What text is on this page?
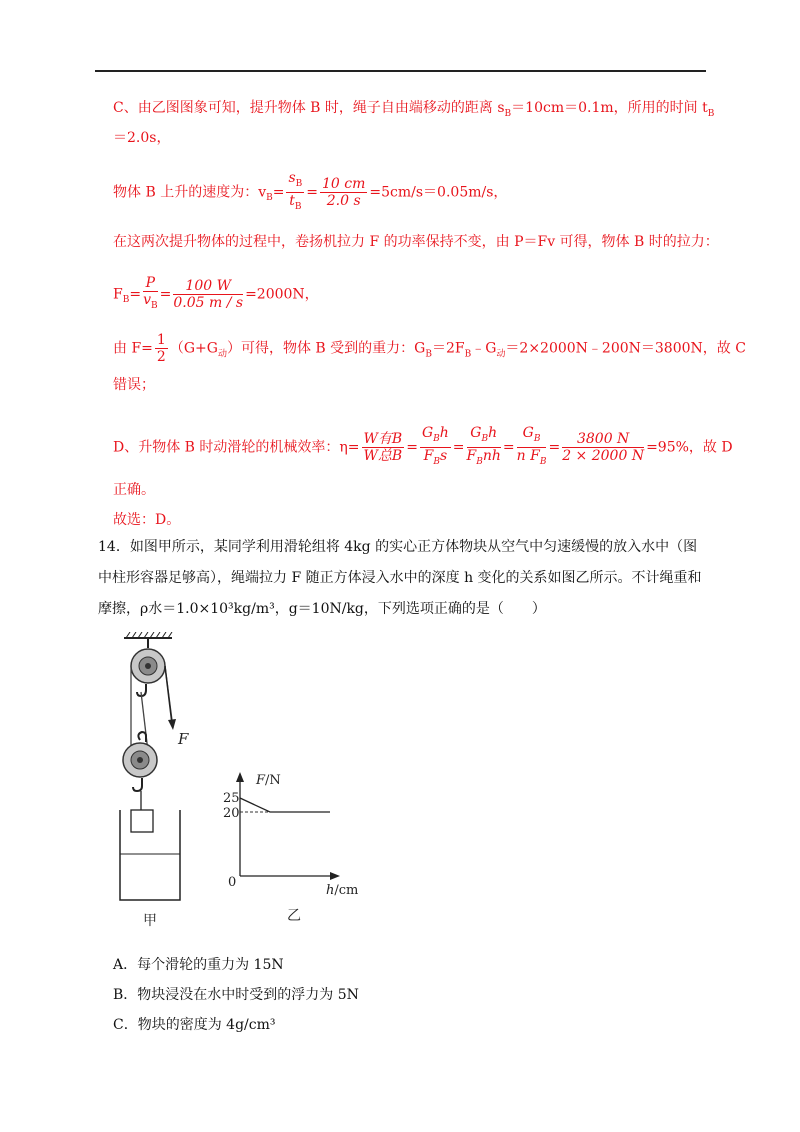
C、由乙图图象可知，提升物体 B 时，绳子自由端移动的距离 $s_B=10cm=0.1m$，所用的时间 $t_B$
＝2.0s，
物体 B 上升的速度为：$v_B= \frac{s_B}{t_B} = \frac{10 cm}{2.0 s} =5cm/s=0.05m/s$，
在这两次提升物体的过程中，卷扬机拉力 F 的功率保持不变，由 P＝Fv 可得，物体 B 时的拉力：
$F_B= \frac{P}{v_B} = \frac{100 W}{0.05 m / s} =2000N$，
由 $F= \frac{1}{2} (G+G_动)$可得，物体 B 受到的重力：$G_B=2F_B﹣G_动=2\times 2000N﹣200N=3800N$，故 C
错误；
D、升物体 B 时动滑轮的机械效率：$\eta= \frac{\text{W有B}}{\text{W总B}} = \frac{G_Bℎ}{F_Bs} = \frac{G_Bℎ}{F_Bnℎ} = \frac{G_B}{n F_B} = \frac{3800 N}{2 \times 2000 N} =95\%$，故 D
正确。
故选：D。
14．如图甲所示，某同学利用滑轮组将 4kg 的实心正方体物块从空气中匀速缓慢的放入水中（图中柱形容器足够高），绳端拉力 F 随正方体浸入水中的深度 h 变化的关系如图乙所示。不计绳重和摩擦，ρ水＝1.0×10³kg/m³，g＝10N/kg，下列选项正确的是（　　）
F
甲
F/N
25
20
0
h/cm
乙
A．每个滑轮的重力为 15N
B．物块浸没在水中时受到的浮力为 5N
C．物块的密度为 4g/cm³
